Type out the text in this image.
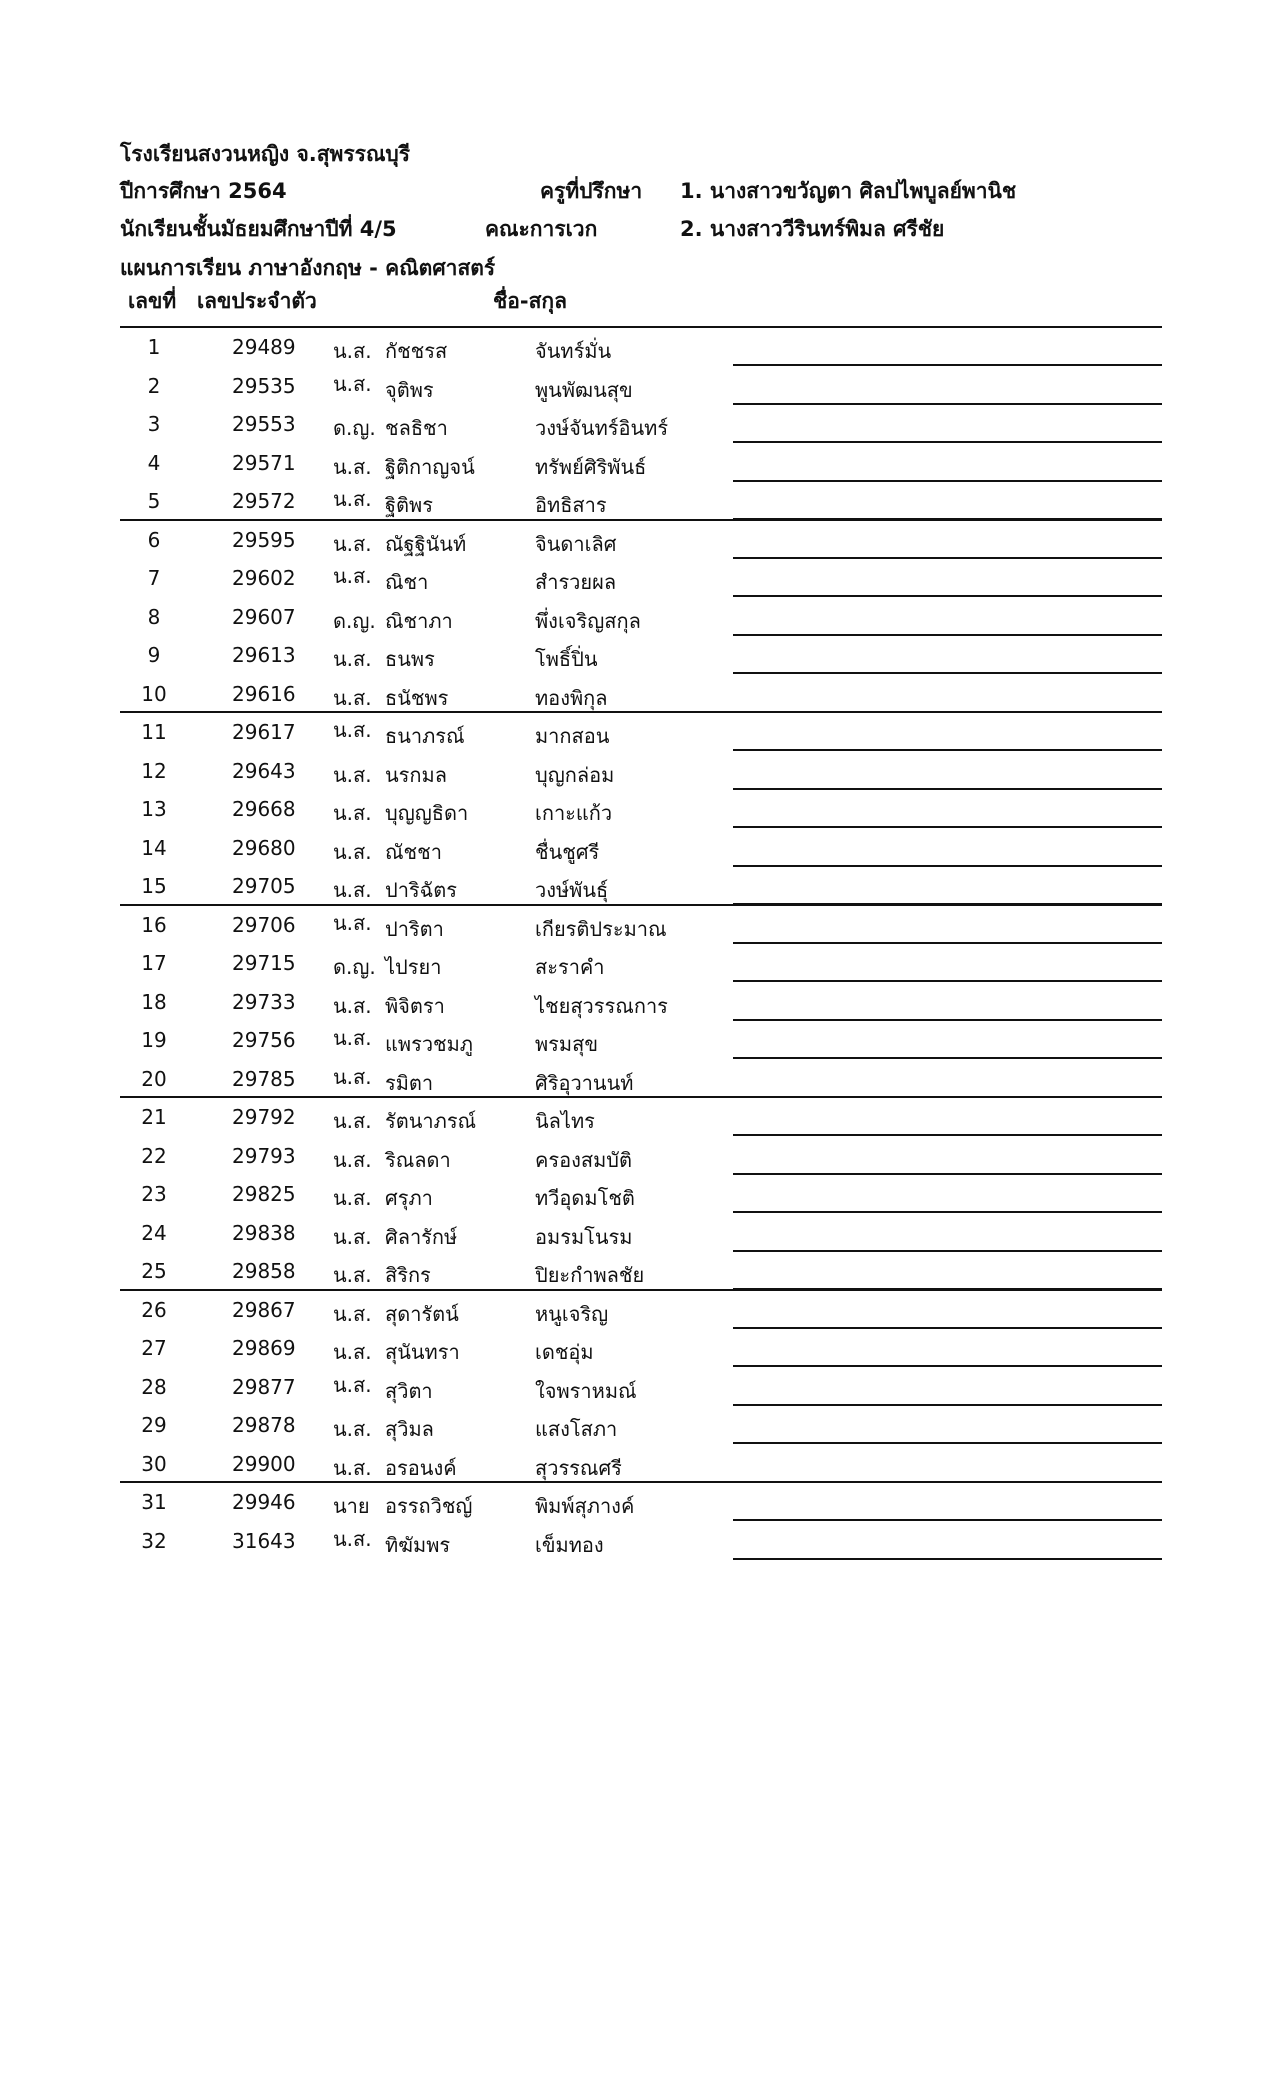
โรงเรียนสงวนหญิง จ.สุพรรณบุรี
ปีการศึกษา 2564	ครูที่ปรึกษา 1. นางสาวขวัญตา ศิลปไพบูลย์พานิช
นักเรียนชั้นมัธยมศึกษาปีที่ 4/5	คณะการเวก	2. นางสาววีรินทร์พิมล ศรีชัย
แผนการเรียน ภาษาอังกฤษ - คณิตศาสตร์
เลขที่ เลขประจำตัว	ชื่อ-สกุล
1	29489 น.ส. กัชชรส	จันทร์มั่น
2	29535 น.ส. จุติพร	พูนพัฒนสุข
3	29553 ด.ญ. ชลธิชา	วงษ์จันทร์อินทร์
4	29571 น.ส. ฐิติกาญจน์	ทรัพย์ศิริพันธ์
5	29572 น.ส. ฐิติพร	อิทธิสาร
6	29595 น.ส. ณัฐฐินันท์	จินดาเลิศ
7	29602 น.ส. ณิชา	สำรวยผล
8	29607 ด.ญ. ณิชาภา	พึ่งเจริญสกุล
9	29613 น.ส. ธนพร	โพธิ์ปิ่น
10	29616 น.ส. ธนัชพร	ทองพิกุล
11	29617 น.ส. ธนาภรณ์	มากสอน
12	29643 น.ส. นรกมล	บุญกล่อม
13	29668 น.ส. บุญญธิดา	เกาะแก้ว
14	29680 น.ส. ณัชชา	ชื่นชูศรี
15	29705 น.ส. ปาริฉัตร	วงษ์พันธุ์
16	29706 น.ส. ปาริตา	เกียรติประมาณ
17	29715 ด.ญ. ไปรยา	สะราคำ
18	29733 น.ส. พิจิตรา	ไชยสุวรรณการ
19	29756 น.ส. แพรวชมภู	พรมสุข
20	29785 น.ส. รมิตา	ศิริอุวานนท์
21	29792 น.ส. รัตนาภรณ์	นิลไทร
22	29793 น.ส. ริณลดา	ครองสมบัติ
23	29825 น.ส. ศรุภา	ทวีอุดมโชติ
24	29838 น.ส. ศิลารักษ์	อมรมโนรม
25	29858 น.ส. สิริกร	ปิยะกำพลชัย
26	29867 น.ส. สุดารัตน์	หนูเจริญ
27	29869 น.ส. สุนันทรา	เดชอุ่ม
28	29877 น.ส. สุวิตา	ใจพราหมณ์
29	29878 น.ส. สุวิมล	แสงโสภา
30	29900 น.ส. อรอนงค์	สุวรรณศรี
31	29946 นาย อรรถวิชญ์	พิมพ์สุภางค์
32	31643 น.ส. ทิฆัมพร	เข็มทอง
